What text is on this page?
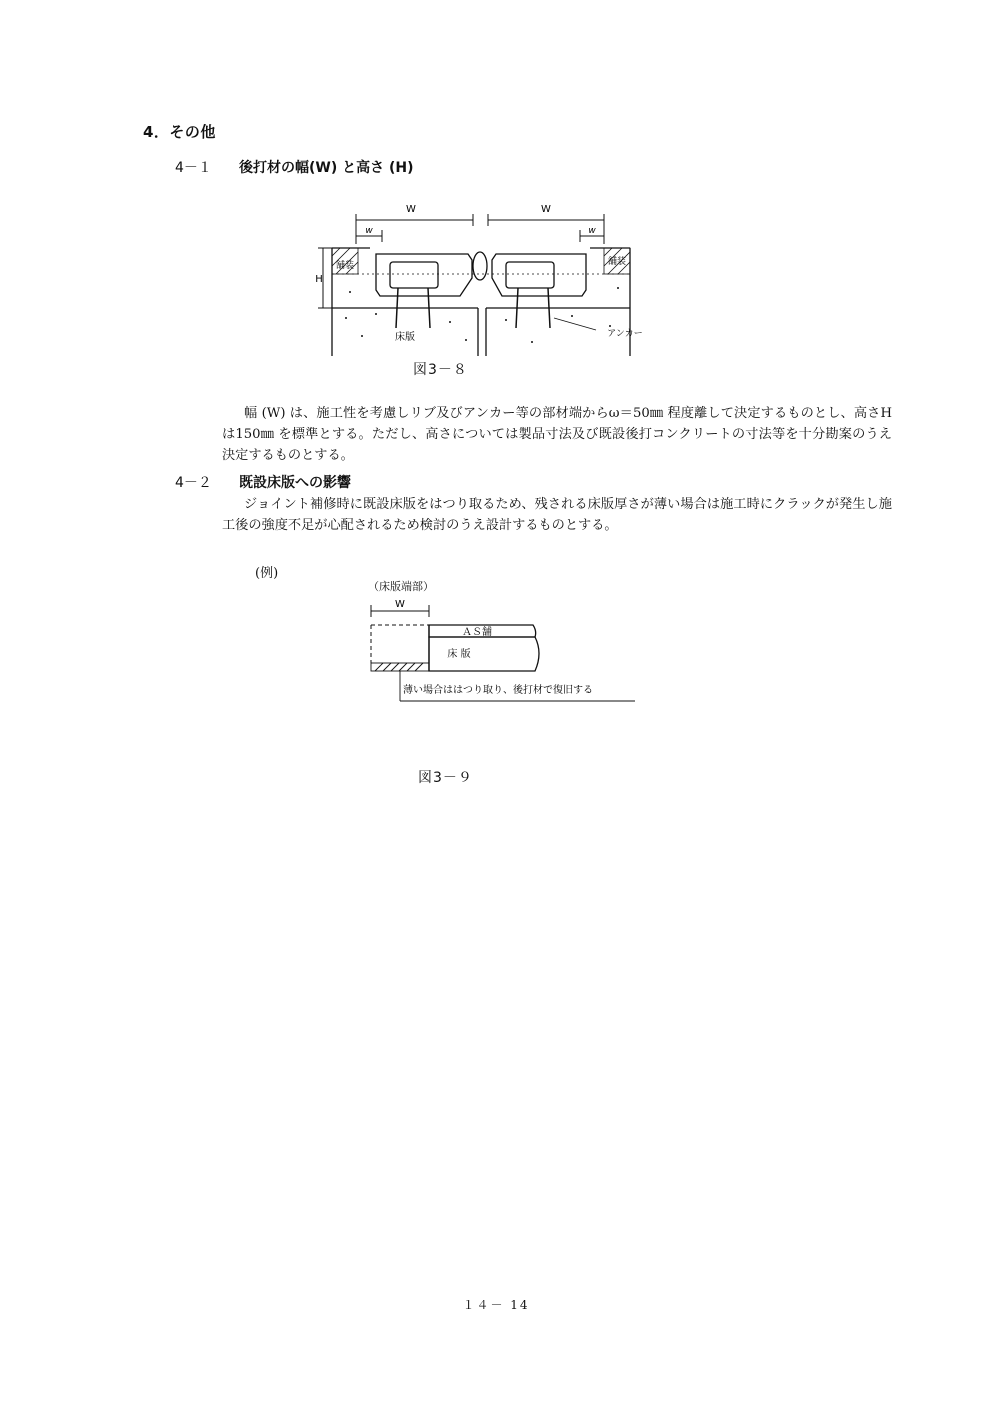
4．その他
4－１ 後打材の幅(W) と高さ (H)
W	W
w	w
H
舗装	舗装
床版	アンカー
図3－８
幅 (W) は、施工性を考慮しリブ及びアンカー等の部材端からω＝50㎜ 程度離して決定するものとし、高さHは150㎜ を標準とする。ただし、高さについては製品寸法及び既設後打コンクリートの寸法等を十分勘案のうえ決定するものとする。
4－２ 既設床版への影響
ジョイント補修時に既設床版をはつり取るため、残される床版厚さが薄い場合は施工時にクラックが発生し施工後の強度不足が心配されるため検討のうえ設計するものとする。
(例)
（床版端部）
W
ＡＳ舗
床 版
薄い場合ははつり取り、後打材で復旧する
図3－９
１４－ 14
